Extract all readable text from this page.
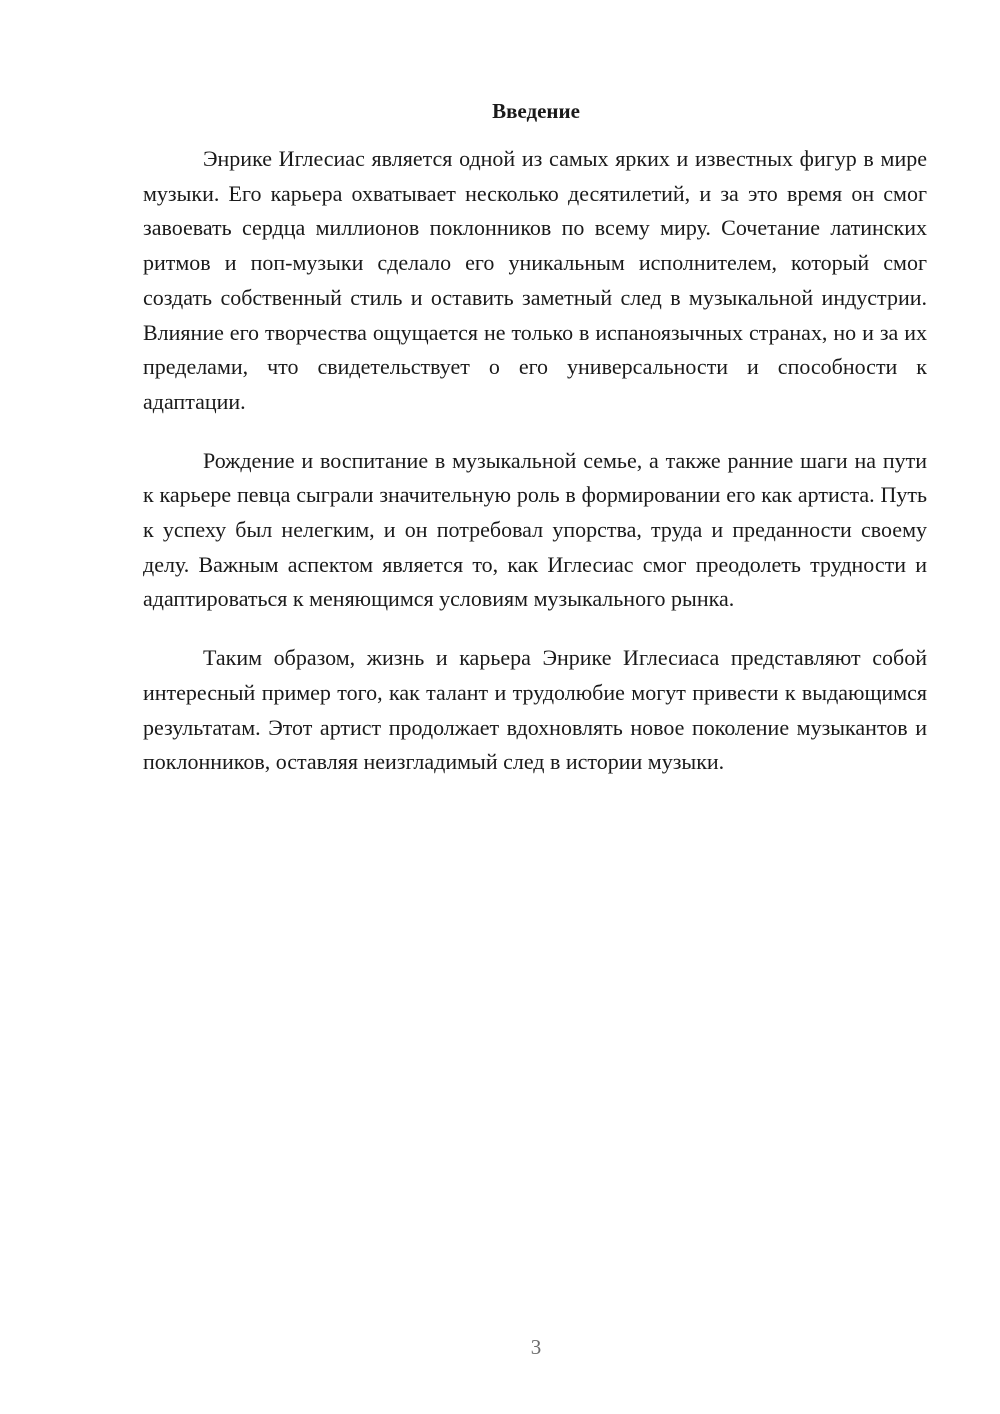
Введение

Энрике Иглесиас является одной из самых ярких и известных фигур в мире музыки. Его карьера охватывает несколько десятилетий, и за это время он смог завоевать сердца миллионов поклонников по всему миру. Сочетание латинских ритмов и поп-музыки сделало его уникальным исполнителем, который смог создать собственный стиль и оставить заметный след в музыкальной индустрии. Влияние его творчества ощущается не только в испаноязычных странах, но и за их пределами, что свидетельствует о его универсальности и способности к адаптации.

Рождение и воспитание в музыкальной семье, а также ранние шаги на пути к карьере певца сыграли значительную роль в формировании его как артиста. Путь к успеху был нелегким, и он потребовал упорства, труда и преданности своему делу. Важным аспектом является то, как Иглесиас смог преодолеть трудности и адаптироваться к меняющимся условиям музыкального рынка.

Таким образом, жизнь и карьера Энрике Иглесиаса представляют собой интересный пример того, как талант и трудолюбие могут привести к выдающимся результатам. Этот артист продолжает вдохновлять новое поколение музыкантов и поклонников, оставляя неизгладимый след в истории музыки.

3
